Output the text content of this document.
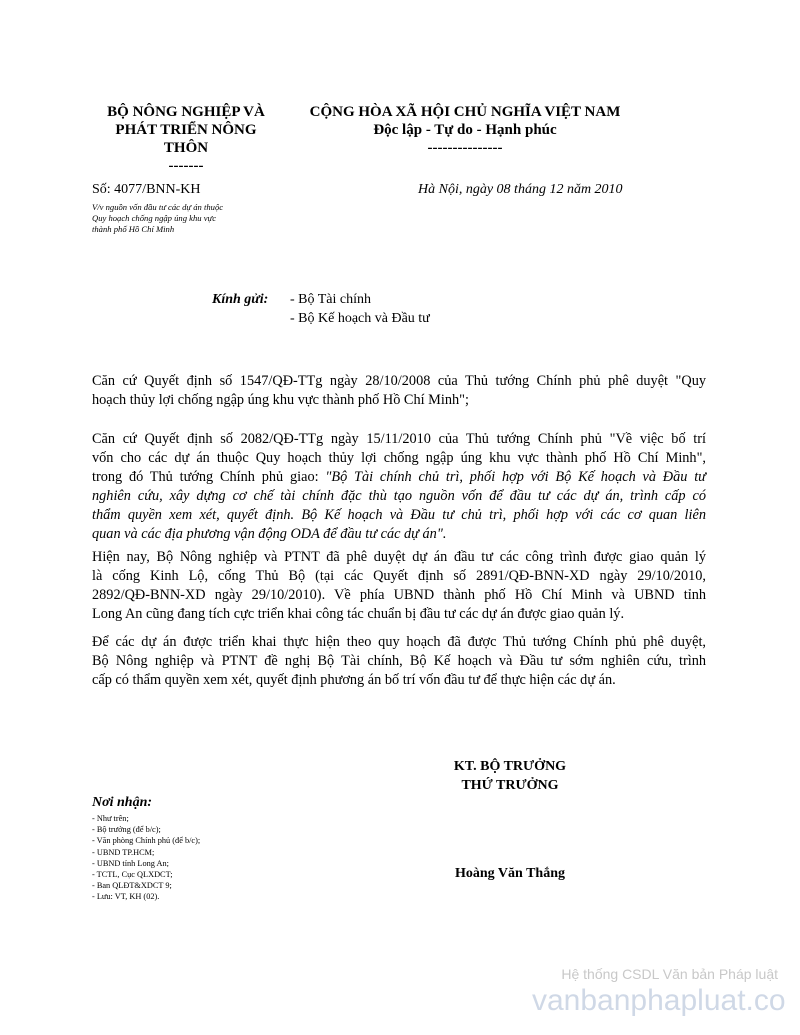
BỘ NÔNG NGHIỆP VÀ
PHÁT TRIỂN NÔNG
THÔN
-------
CỘNG HÒA XÃ HỘI CHỦ NGHĨA VIỆT NAM
Độc lập - Tự do - Hạnh phúc
---------------
Số: 4077/BNN-KH
V/v nguồn vốn đầu tư các dự án thuộc
Quy hoạch chống ngập úng khu vực
thành phố Hồ Chí Minh
Hà Nội, ngày 08 tháng 12 năm 2010
Kính gửi: - Bộ Tài chính
- Bộ Kế hoạch và Đầu tư
Căn cứ Quyết định số 1547/QĐ-TTg ngày 28/10/2008 của Thủ tướng Chính phủ phê duyệt "Quy
hoạch thủy lợi chống ngập úng khu vực thành phố Hồ Chí Minh";
Căn cứ Quyết định số 2082/QĐ-TTg ngày 15/11/2010 của Thủ tướng Chính phủ "Về việc bố trí
vốn cho các dự án thuộc Quy hoạch thủy lợi chống ngập úng khu vực thành phố Hồ Chí Minh",
trong đó Thủ tướng Chính phủ giao: "Bộ Tài chính chủ trì, phối hợp với Bộ Kế hoạch và Đầu tư
nghiên cứu, xây dựng cơ chế tài chính đặc thù tạo nguồn vốn để đầu tư các dự án, trình cấp có
thẩm quyền xem xét, quyết định. Bộ Kế hoạch và Đầu tư chủ trì, phối hợp với các cơ quan liên
quan và các địa phương vận động ODA để đầu tư các dự án".
Hiện nay, Bộ Nông nghiệp và PTNT đã phê duyệt dự án đầu tư các công trình được giao quản lý
là cống Kinh Lộ, cống Thủ Bộ (tại các Quyết định số 2891/QĐ-BNN-XD ngày 29/10/2010,
2892/QĐ-BNN-XD ngày 29/10/2010). Về phía UBND thành phố Hồ Chí Minh và UBND tỉnh
Long An cũng đang tích cực triển khai công tác chuẩn bị đầu tư các dự án được giao quản lý.
Để các dự án được triển khai thực hiện theo quy hoạch đã được Thủ tướng Chính phủ phê duyệt,
Bộ Nông nghiệp và PTNT đề nghị Bộ Tài chính, Bộ Kế hoạch và Đầu tư sớm nghiên cứu, trình
cấp có thẩm quyền xem xét, quyết định phương án bố trí vốn đầu tư để thực hiện các dự án.
KT. BỘ TRƯỞNG
THỨ TRƯỞNG
Hoàng Văn Thắng
Nơi nhận:
- Như trên;
- Bộ trưởng (để b/c);
- Văn phòng Chính phủ (để b/c);
- UBND TP.HCM;
- UBND tỉnh Long An;
- TCTL, Cục QLXDCT;
- Ban QLĐT&XDCT 9;
- Lưu: VT, KH (02).
Hệ thống CSDL Văn bản Pháp luật
vanbanphapluat.co
